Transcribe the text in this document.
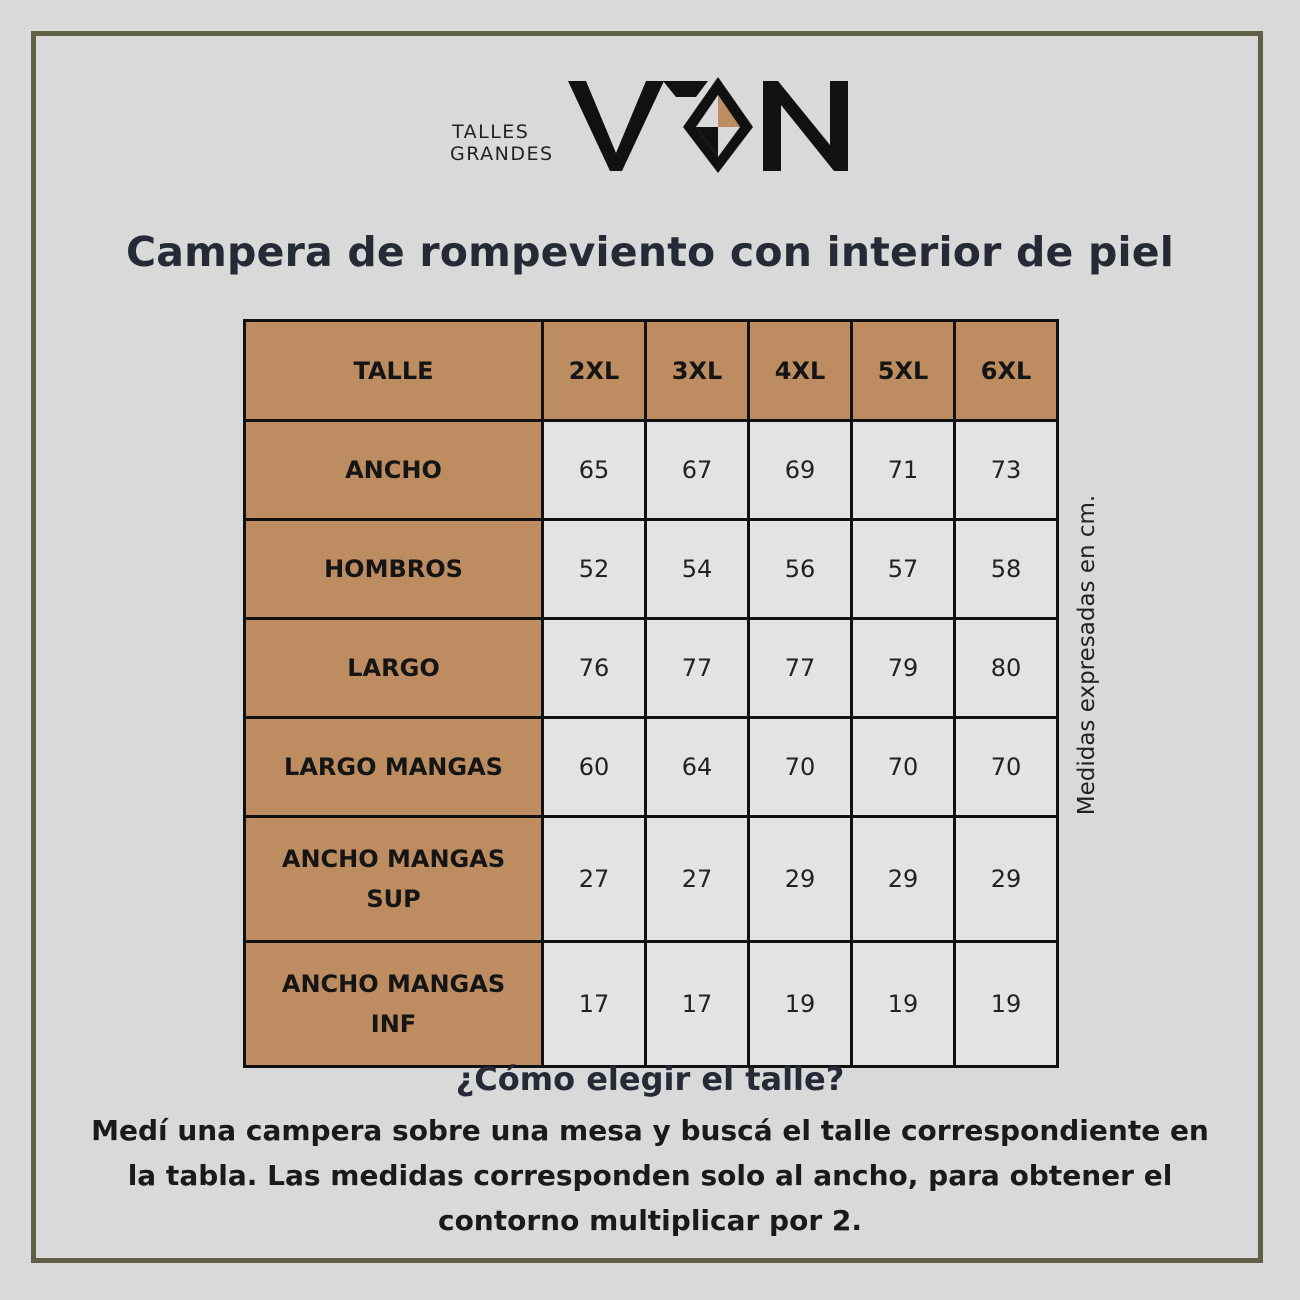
TALLES
GRANDES
Campera de rompeviento con interior de piel
TALLE	2XL	3XL	4XL	5XL	6XL
ANCHO	65	67	69	71	73
HOMBROS	52	54	56	57	58
LARGO	76	77	77	79	80
LARGO MANGAS	60	64	70	70	70
ANCHO MANGAS SUP	27	27	29	29	29
ANCHO MANGAS INF	17	17	19	19	19
Medidas expresadas en cm.
¿Cómo elegir el talle?
Medí una campera sobre una mesa y buscá el talle correspondiente en la tabla. Las medidas corresponden solo al ancho, para obtener el contorno multiplicar por 2.
